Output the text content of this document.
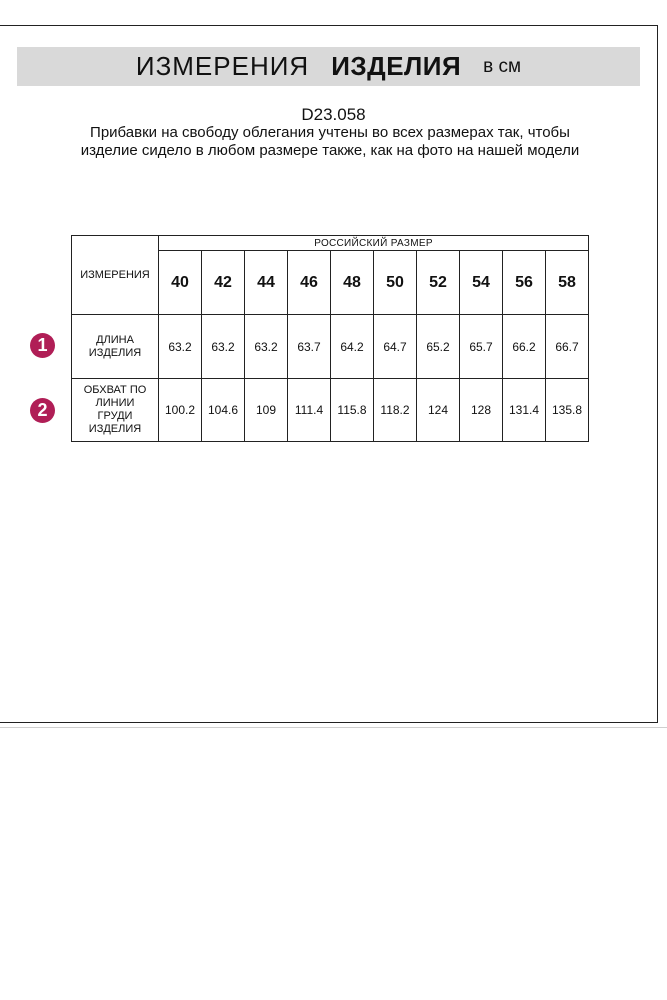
ИЗМЕРЕНИЯ ИЗДЕЛИЯ в см
D23.058
Прибавки на свободу облегания учтены во всех размерах так, чтобы изделие сидело в любом размере также, как на фото на нашей модели
ИЗМЕРЕНИЯ	РОССИЙСКИЙ РАЗМЕР									
	40	42	44	46	48	50	52	54	56	58

ДЛИНА
ИЗДЕЛИЯ	63.2	63.2	63.2	63.7	64.2	64.7	65.2	65.7	66.2	66.7

ОБХВАТ ПО
ЛИНИИ
ГРУДИ
ИЗДЕЛИЯ	100.2	104.6	109	111.4	115.8	118.2	124	128	131.4	135.8
1
2
